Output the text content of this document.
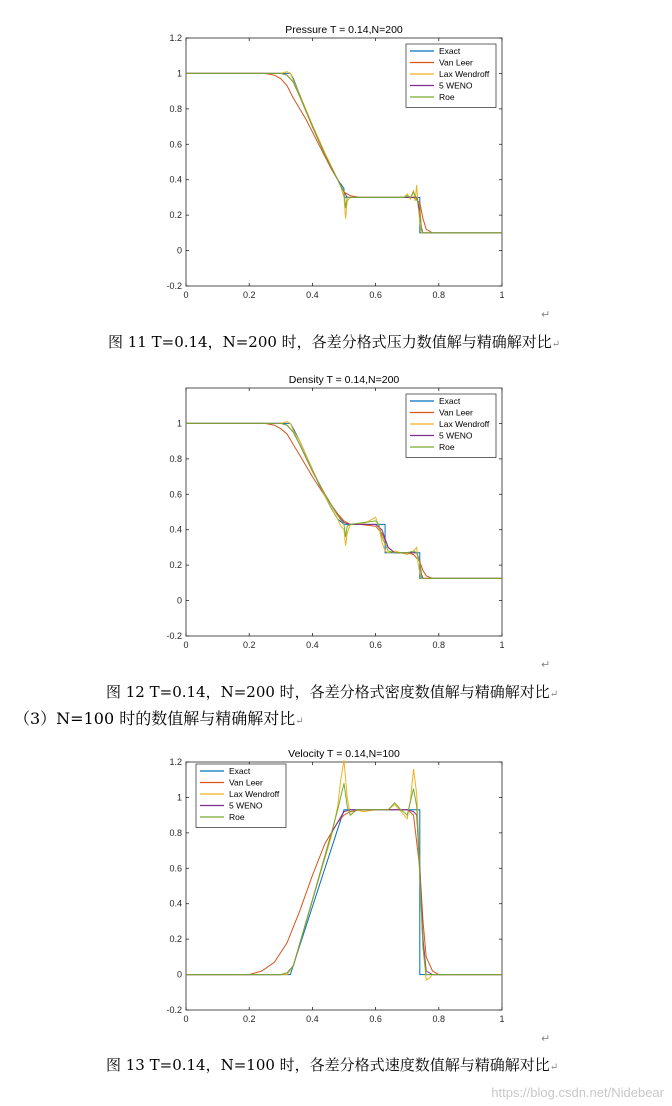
Pressure T = 0.14,N=200
0	0.2	0.4	0.6	0.8	1
-0.2
0
0.2
0.4
0.6
0.8
1
1.2
Exact
Van Leer
Lax Wendroff
5 WENO
Roe
↵
图 11 T=0.14，N=200 时，各差分格式压力数值解与精确解对比↵
Density T = 0.14,N=200
0	0.2	0.4	0.6	0.8	1
-0.2
0
0.2
0.4
0.6
0.8
1
Exact
Van Leer
Lax Wendroff
5 WENO
Roe
↵
图 12 T=0.14，N=200 时，各差分格式密度数值解与精确解对比↵
（3）N=100 时的数值解与精确解对比↵
Velocity T = 0.14,N=100
0	0.2	0.4	0.6	0.8	1
-0.2
0
0.2
0.4
0.6
0.8
1
1.2
Exact
Van Leer
Lax Wendroff
5 WENO
Roe
↵
图 13 T=0.14，N=100 时，各差分格式速度数值解与精确解对比↵
https://blog.csdn.net/Nidebear
